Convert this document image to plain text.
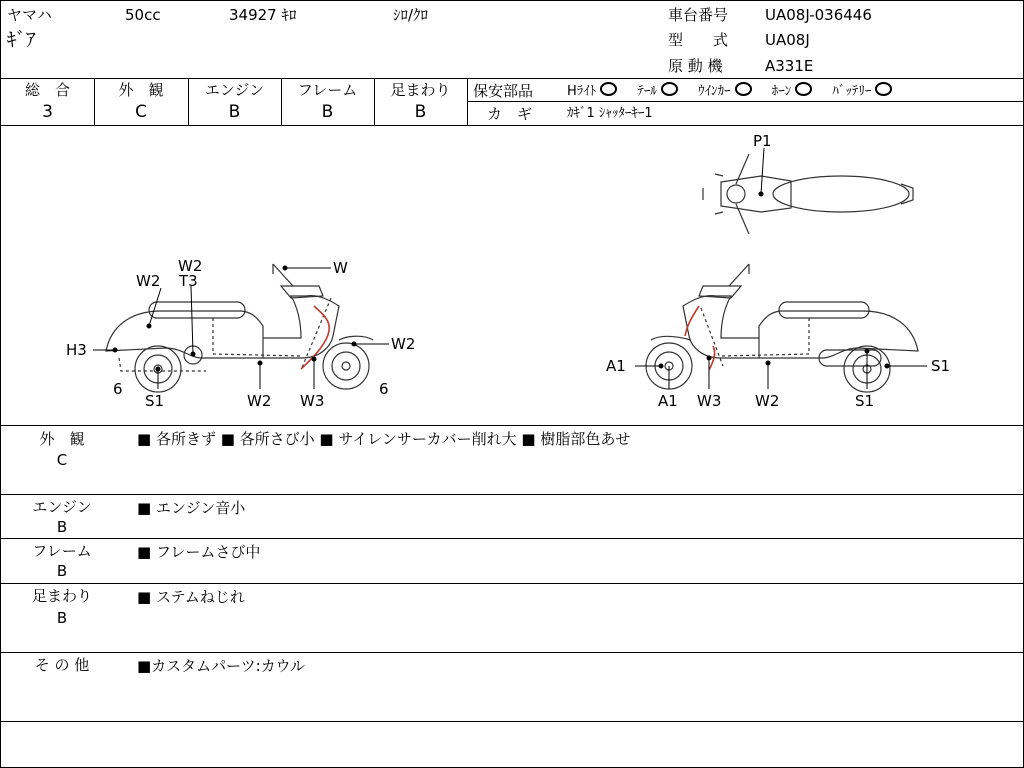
ヤマハ	50cc	34927 ｷﾛ	ｼﾛ/ｸﾛ
ｷﾞｱ
車台番号	UA08J-036446
型　　式	UA08J
原 動 機	A331E
総　合
3
外　観
C
エンジン
B
フレーム
B
足まわり
B
保安部品	Hﾗｲﾄ	ﾃｰﾙ	ｳｲﾝｶｰ	ﾎｰﾝ	ﾊﾞｯﾃﾘｰ
カ　ギ	ｶｷﾞ1 ｼｬｯﾀｰｷｰ1
W2
W2
T3
W
H3	W2
6
S1	W2 W3
6
P1
A1	S1
A1 W3 W2	S1
外　観
C
■ 各所きず ■ 各所さび小 ■ サイレンサーカバー削れ大 ■ 樹脂部色あせ
エンジン
B
■ エンジン音小
フレーム
B
■ フレームさび中
足まわり
B
■ ステムねじれ
そ の 他	■カスタムパーツ:カウル
